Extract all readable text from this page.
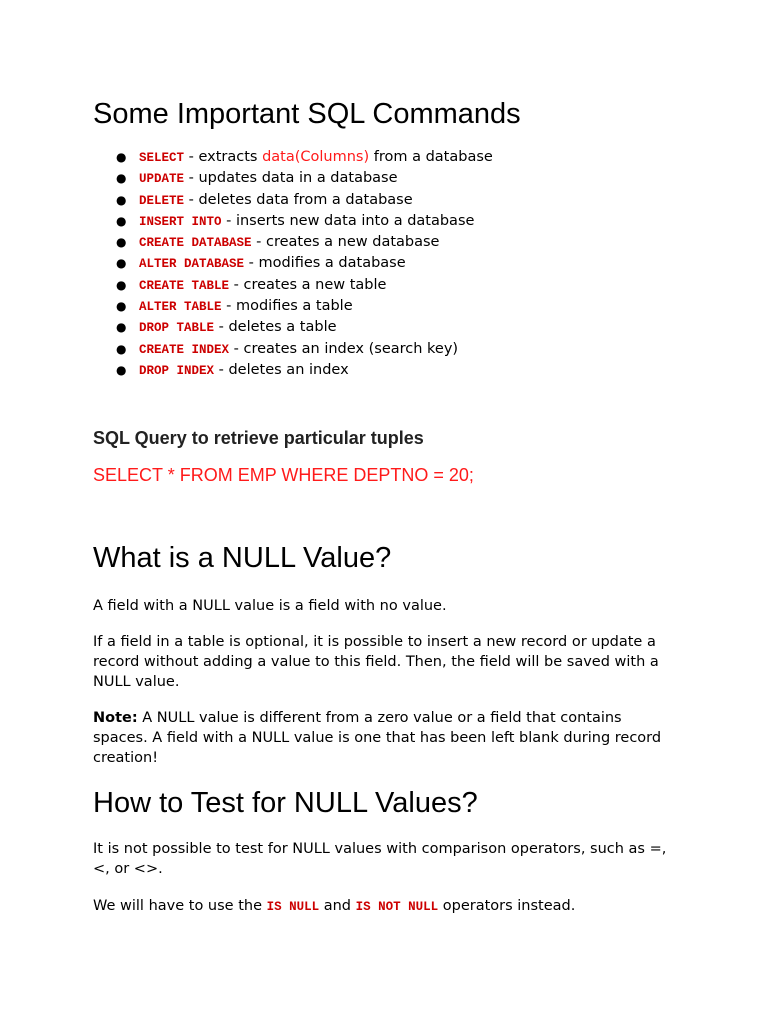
Some Important SQL Commands
● SELECT - extracts data(Columns) from a database
● UPDATE - updates data in a database
● DELETE - deletes data from a database
● INSERT INTO - inserts new data into a database
● CREATE DATABASE - creates a new database
● ALTER DATABASE - modifies a database
● CREATE TABLE - creates a new table
● ALTER TABLE - modifies a table
● DROP TABLE - deletes a table
● CREATE INDEX - creates an index (search key)
● DROP INDEX - deletes an index
SQL Query to retrieve particular tuples
SELECT * FROM EMP WHERE DEPTNO = 20;
What is a NULL Value?

A field with a NULL value is a field with no value.

If a field in a table is optional, it is possible to insert a new record or update a record without adding a value to this field. Then, the field will be saved with a NULL value.

Note: A NULL value is different from a zero value or a field that contains spaces. A field with a NULL value is one that has been left blank during record creation!

How to Test for NULL Values?

It is not possible to test for NULL values with comparison operators, such as =, <, or <>.

We will have to use the IS NULL and IS NOT NULL operators instead.
